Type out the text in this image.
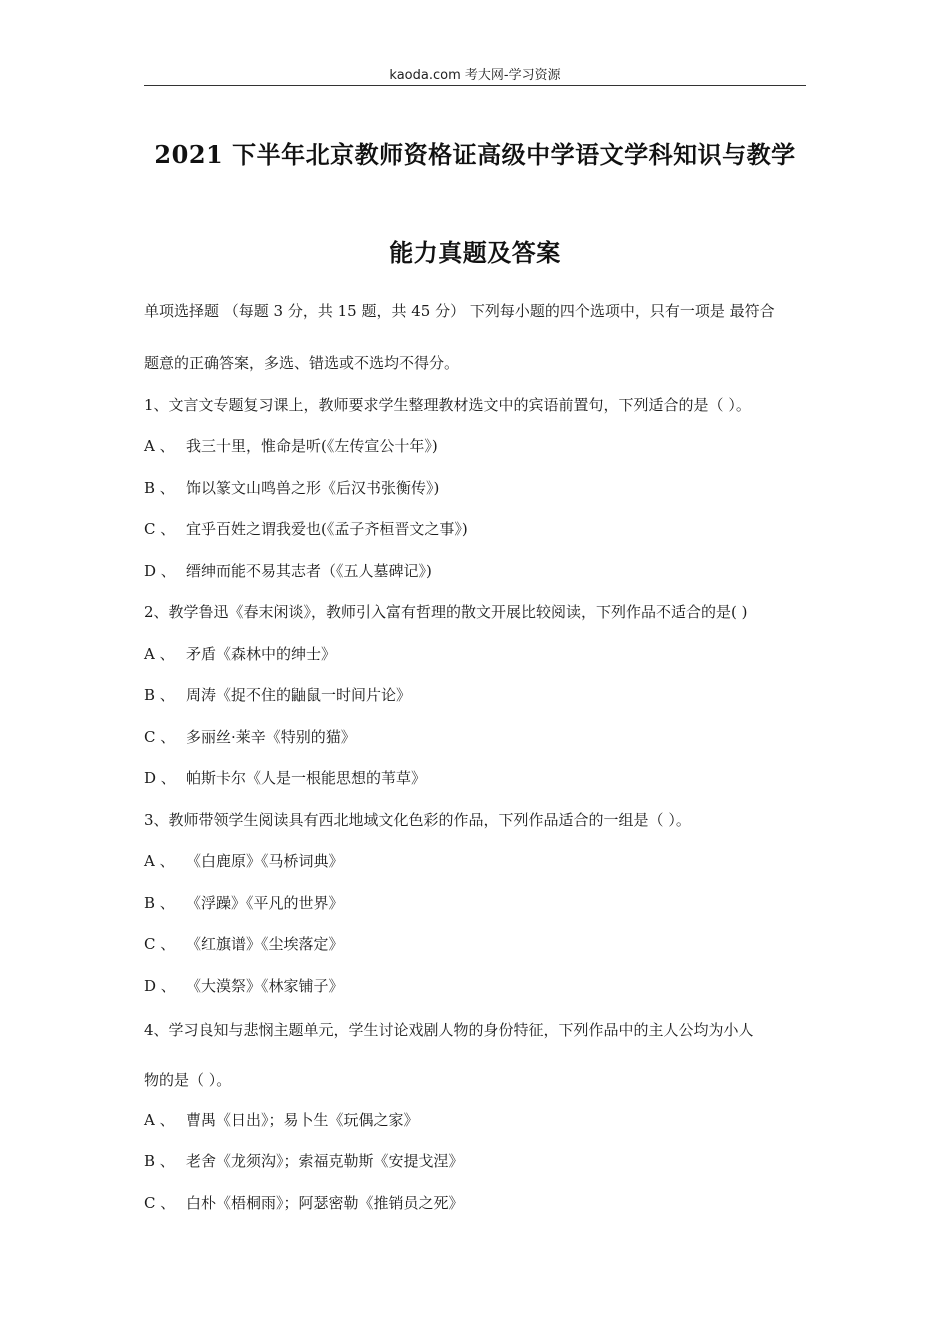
kaoda.com 考大网-学习资源
2021 下半年北京教师资格证高级中学语文学科知识与教学
能力真题及答案
单项选择题 （每题 3 分，共 15 题，共 45 分） 下列每小题的四个选项中，只有一项是 最符合
题意的正确答案，多选、错选或不选均不得分。
1、文言文专题复习课上，教师要求学生整理教材选文中的宾语前置句，下列适合的是（ ）。
A 、 我三十里，惟命是听(《左传宣公十年》)
B 、 饰以篆文山鸣兽之形《后汉书张衡传》)
C 、 宜乎百姓之谓我爱也(《孟子齐桓晋文之事》)
D 、 缙绅而能不易其志者（《五人墓碑记》)
2、教学鲁迅《春末闲谈》，教师引入富有哲理的散文开展比较阅读，下列作品不适合的是( )
A 、 矛盾《森林中的绅士》
B 、 周涛《捉不住的鼬鼠一时间片论》
C 、 多丽丝·莱辛《特别的猫》
D 、 帕斯卡尔《人是一根能思想的苇草》
3、教师带领学生阅读具有西北地域文化色彩的作品，下列作品适合的一组是（ ）。
A 、 《白鹿原》《马桥词典》
B 、 《浮躁》《平凡的世界》
C 、 《红旗谱》《尘埃落定》
D 、 《大漠祭》《林家铺子》
4、学习良知与悲悯主题单元，学生讨论戏剧人物的身份特征，下列作品中的主人公均为小人
物的是（ ）。
A 、 曹禺《日出》；易卜生《玩偶之家》
B 、 老舍《龙须沟》；索福克勒斯《安提戈涅》
C 、 白朴《梧桐雨》；阿瑟密勒《推销员之死》
